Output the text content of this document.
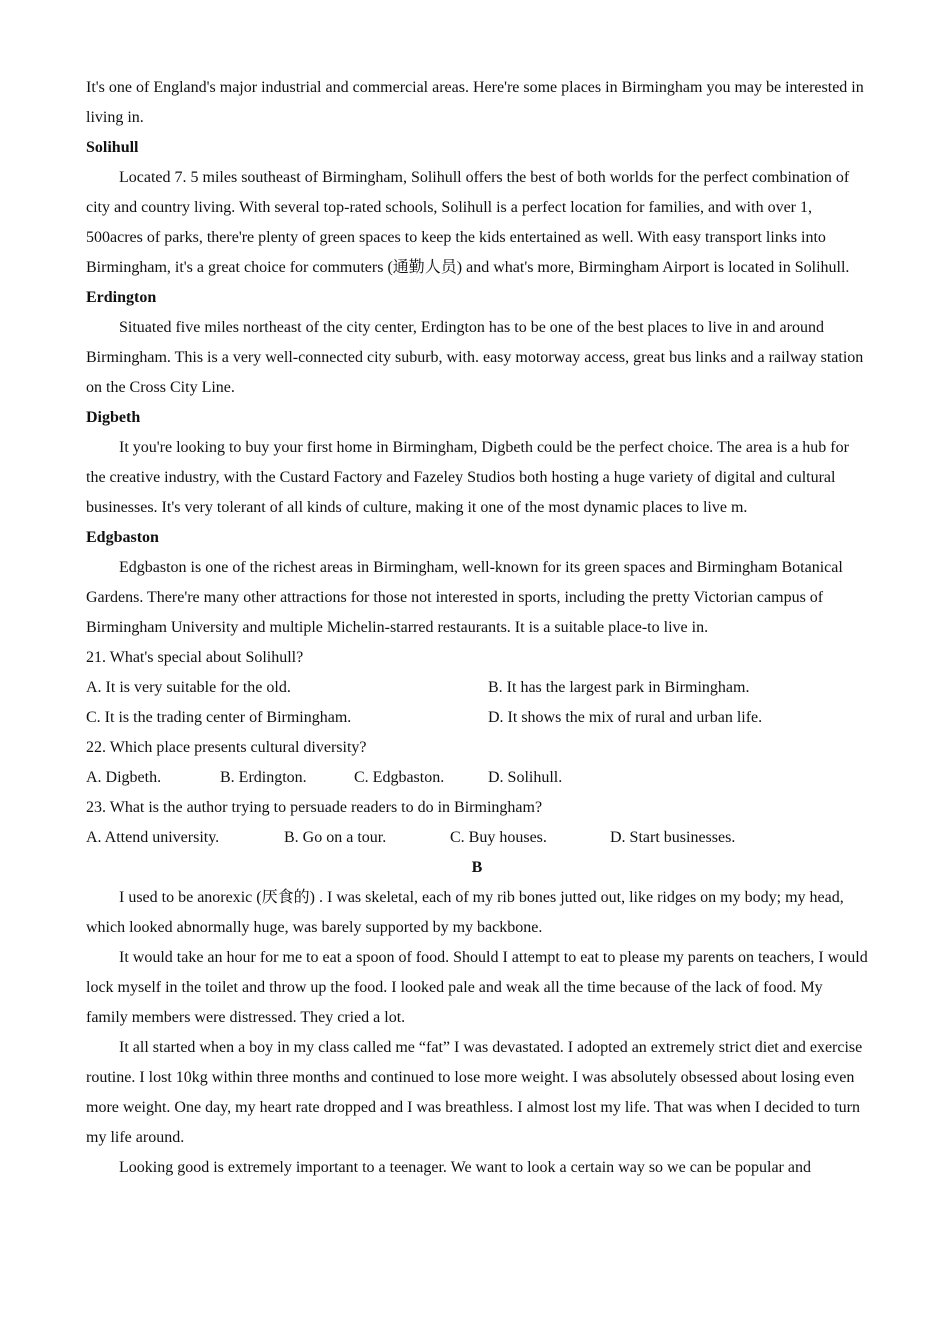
It's one of England's major industrial and commercial areas. Here're some places in Birmingham you may be interested in living in.

Solihull

Located 7. 5 miles southeast of Birmingham, Solihull offers the best of both worlds for the perfect combination of city and country living. With several top-rated schools, Solihull is a perfect location for families, and with over 1, 500acres of parks, there're plenty of green spaces to keep the kids entertained as well. With easy transport links into Birmingham, it's a great choice for commuters (通勤人员) and what's more, Birmingham Airport is located in Solihull.

Erdington

Situated five miles northeast of the city center, Erdington has to be one of the best places to live in and around Birmingham. This is a very well-connected city suburb, with. easy motorway access, great bus links and a railway station on the Cross City Line.

Digbeth

It you're looking to buy your first home in Birmingham, Digbeth could be the perfect choice. The area is a hub for the creative industry, with the Custard Factory and Fazeley Studios both hosting a huge variety of digital and cultural businesses. It's very tolerant of all kinds of culture, making it one of the most dynamic places to live m.

Edgbaston

Edgbaston is one of the richest areas in Birmingham, well-known for its green spaces and Birmingham Botanical Gardens. There're many other attractions for those not interested in sports, including the pretty Victorian campus of Birmingham University and multiple Michelin-starred restaurants. It is a suitable place-to live in.

21. What's special about Solihull?

A. It is very suitable for the old.	B. It has the largest park in Birmingham.
C. It is the trading center of Birmingham.	D. It shows the mix of rural and urban life.

22. Which place presents cultural diversity?

A. Digbeth.	B. Erdington.	C. Edgbaston.	D. Solihull.

23. What is the author trying to persuade readers to do in Birmingham?

A. Attend university.	B. Go on a tour.	C. Buy houses.	D. Start businesses.

B

I used to be anorexic (厌食的) . I was skeletal, each of my rib bones jutted out, like ridges on my body; my head, which looked abnormally huge, was barely supported by my backbone.

It would take an hour for me to eat a spoon of food. Should I attempt to eat to please my parents on teachers, I would lock myself in the toilet and throw up the food. I looked pale and weak all the time because of the lack of food. My family members were distressed. They cried a lot.

It all started when a boy in my class called me “fat” I was devastated. I adopted an extremely strict diet and exercise routine. I lost 10kg within three months and continued to lose more weight. I was absolutely obsessed about losing even more weight. One day, my heart rate dropped and I was breathless. I almost lost my life. That was when I decided to turn my life around.

Looking good is extremely important to a teenager. We want to look a certain way so we can be popular and
